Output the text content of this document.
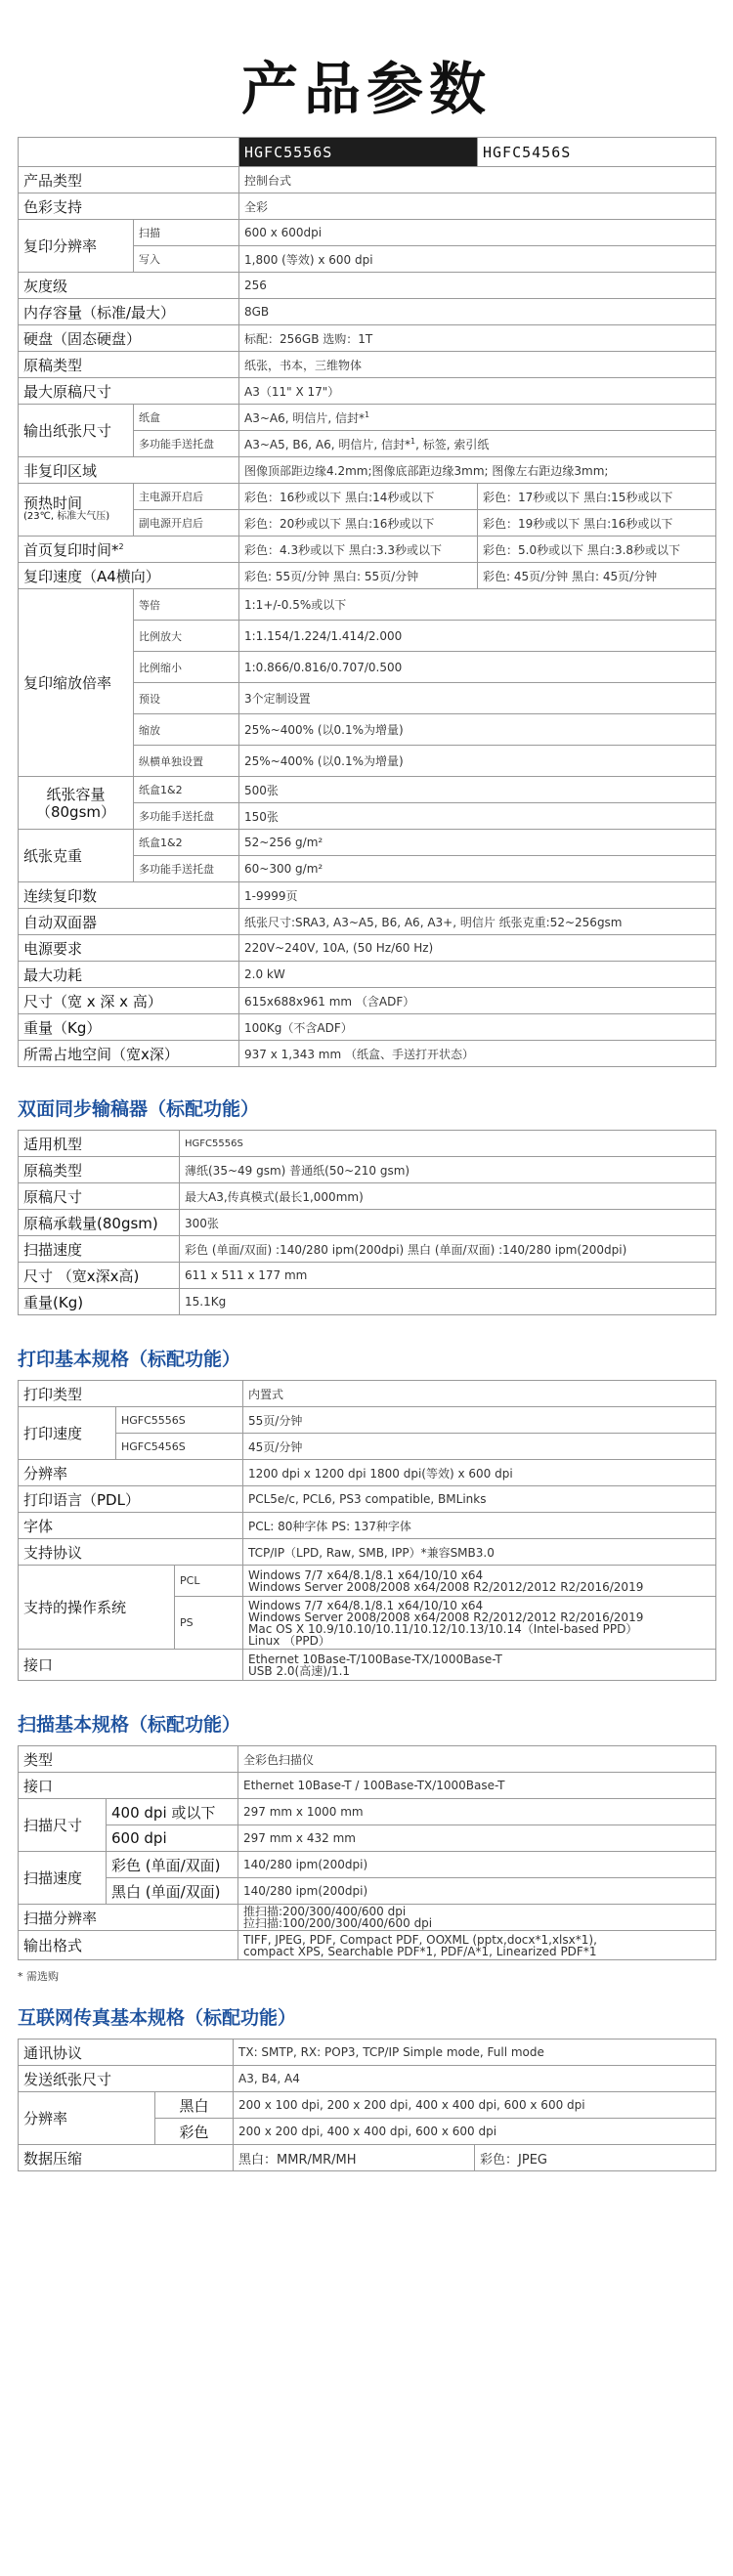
产品参数
		HGFC5556S	HGFC5456S
产品类型		控制台式	
色彩支持		全彩	
复印分辨率	扫描	600 x 600dpi	
	写入	1,800 (等效) x 600 dpi	
灰度级		256	
内存容量（标准/最大）		8GB	
硬盘（固态硬盘）		标配：256GB 选购：1T	
原稿类型		纸张，书本，三维物体	
最大原稿尺寸		A3（11" X 17"）	
输出纸张尺寸	纸盒	A3~A6, 明信片, 信封*$^1$
	多功能手送托盘	A3~A5, B6, A6, 明信片, 信封*$^1$, 标签, 索引纸	
非复印区域		图像顶部距边缘4.2mm;图像底部距边缘3mm; 图像左右距边缘3mm;	

预热时间
(23℃, 标准大气压)	主电源开启后	彩色：16秒或以下 黑白:14秒或以下	彩色：17秒或以下 黑白:15秒或以下
	副电源开启后	彩色：20秒或以下 黑白:16秒或以下	彩色：19秒或以下 黑白:16秒或以下
首页复印时间*$^2$		彩色：4.3秒或以下 黑白:3.3秒或以下	彩色：5.0秒或以下 黑白:3.8秒或以下
复印速度（A4横向）		彩色: 55页/分钟 黑白: 55页/分钟	彩色: 45页/分钟 黑白: 45页/分钟
复印缩放倍率	等倍	1:1+/-0.5%或以下	
	比例放大	1:1.154/1.224/1.414/2.000	
	比例缩小	1:0.866/0.816/0.707/0.500	
	预设	3个定制设置	
	缩放	25%~400% (以0.1%为增量)	
	纵横单独设置	25%~400% (以0.1%为增量)	

纸张容量
（80gsm）	纸盒1&2	500张	
	多功能手送托盘	150张	
纸张克重	纸盒1&2	52~256 g/m²	
	多功能手送托盘	60~300 g/m²	
连续复印数		1-9999页	
自动双面器		纸张尺寸:SRA3, A3~A5, B6, A6, A3+, 明信片 纸张克重:52~256gsm	
电源要求		220V~240V, 10A, (50 Hz/60 Hz)	
最大功耗		2.0 kW	
尺寸（宽 x 深 x 高）		615x688x961 mm （含ADF）	
重量（Kg）		100Kg（不含ADF）	
所需占地空间（宽x深）		937 x 1,343 mm （纸盒、手送打开状态）	
双面同步输稿器（标配功能）
适用机型	HGFC5556S
原稿类型	薄纸(35~49 gsm) 普通纸(50~210 gsm)
原稿尺寸	最大A3,传真模式(最长1,000mm)
原稿承载量(80gsm)	300张
扫描速度	彩色 (单面/双面) :140/280 ipm(200dpi) 黑白 (单面/双面) :140/280 ipm(200dpi)
尺寸 （宽x深x高)	611 x 511 x 177 mm
重量(Kg)	15.1Kg
打印基本规格（标配功能）
打印类型			内置式
打印速度	HGFC5556S		55页/分钟
	HGFC5456S		45页/分钟
分辨率			1200 dpi x 1200 dpi 1800 dpi(等效) x 600 dpi
打印语言（PDL）			PCL5e/c, PCL6, PS3 compatible, BMLinks
字体			PCL: 80种字体 PS: 137种字体
支持协议			TCP/IP（LPD, Raw, SMB, IPP）*兼容SMB3.0
支持的操作系统		PCL	Windows 7/7 x64/8.1/8.1 x64/10/10 x64
Windows Server 2008/2008 x64/2008 R2/2012/2012 R2/2016/2019

		PS	Windows 7/7 x64/8.1/8.1 x64/10/10 x64
Windows Server 2008/2008 x64/2008 R2/2012/2012 R2/2016/2019
Mac OS X 10.9/10.10/10.11/10.12/10.13/10.14（Intel-based PPD）
Linux （PPD）

接口			Ethernet 10Base-T/100Base-TX/1000Base-T
USB 2.0(高速)/1.1
扫描基本规格（标配功能）
类型		全彩色扫描仪
接口		Ethernet 10Base-T / 100Base-TX/1000Base-T
扫描尺寸	400 dpi 或以下	297 mm x 1000 mm
	600 dpi	297 mm x 432 mm
扫描速度	彩色 (单面/双面)	140/280 ipm(200dpi)
	黑白 (单面/双面)	140/280 ipm(200dpi)
扫描分辨率		推扫描:200/300/400/600 dpi
拉扫描:100/200/300/400/600 dpi

输出格式		TIFF, JPEG, PDF, Compact PDF, OOXML (pptx,docx*1,xlsx*1),
compact XPS, Searchable PDF*1, PDF/A*1, Linearized PDF*1
* 需选购
互联网传真基本规格（标配功能）
通讯协议		TX: SMTP, RX: POP3, TCP/IP Simple mode, Full mode	
发送纸张尺寸		A3, B4, A4	
分辨率	黑白	200 x 100 dpi, 200 x 200 dpi, 400 x 400 dpi, 600 x 600 dpi	
	彩色	200 x 200 dpi, 400 x 400 dpi, 600 x 600 dpi	
数据压缩		黑白：MMR/MR/MH	彩色：JPEG
